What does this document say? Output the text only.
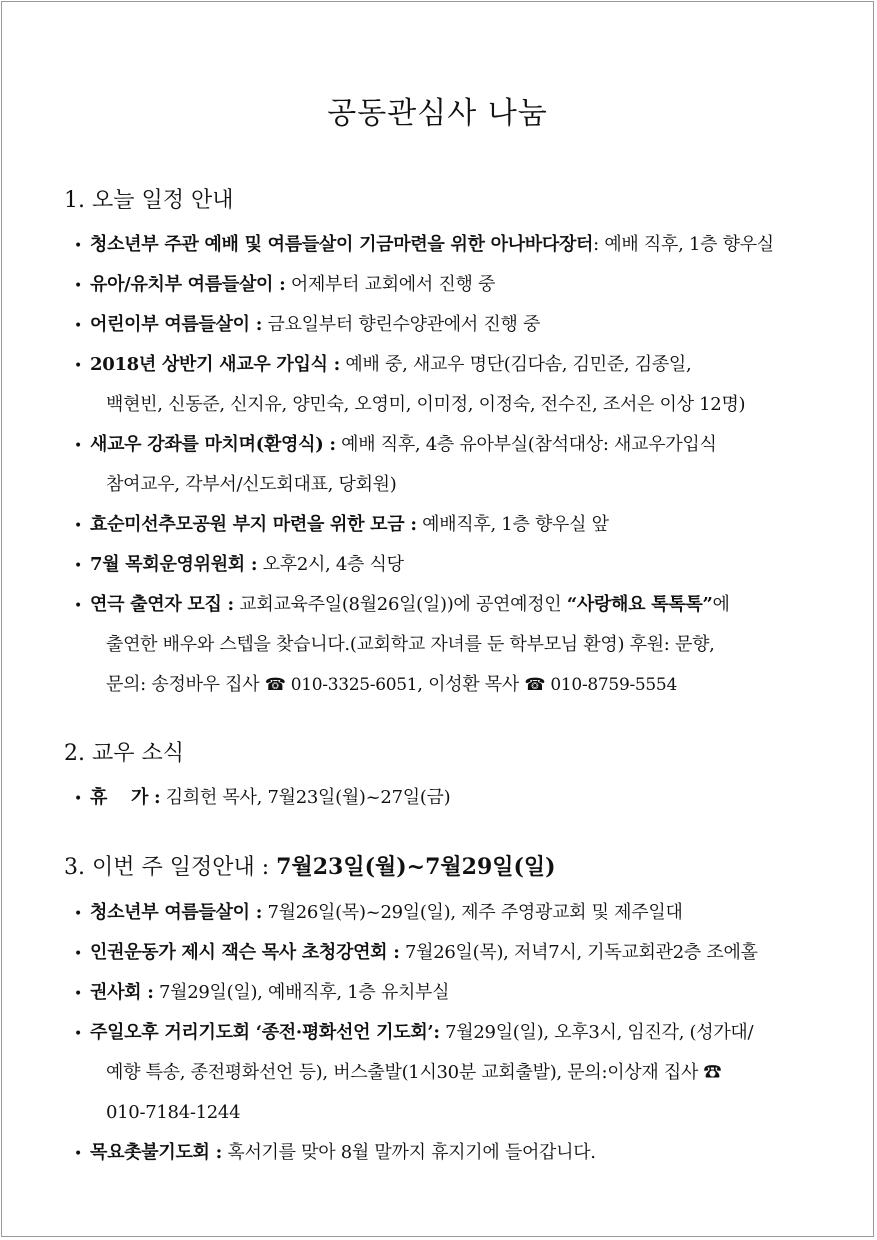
공동관심사 나눔
1. 오늘 일정 안내
• 청소년부 주관 예배 및 여름들살이 기금마련을 위한 아나바다장터: 예배 직후, 1층 향우실
• 유아/유치부 여름들살이 : 어제부터 교회에서 진행 중
• 어린이부 여름들살이 : 금요일부터 향린수양관에서 진행 중
• 2018년 상반기 새교우 가입식 : 예배 중, 새교우 명단(김다솜, 김민준, 김종일,
백현빈, 신동준, 신지유, 양민숙, 오영미, 이미정, 이정숙, 전수진, 조서은 이상 12명)
• 새교우 강좌를 마치며(환영식) : 예배 직후, 4층 유아부실(참석대상: 새교우가입식
참여교우, 각부서/신도회대표, 당회원)
• 효순미선추모공원 부지 마련을 위한 모금 : 예배직후, 1층 향우실 앞
• 7월 목회운영위원회 : 오후2시, 4층 식당
• 연극 출연자 모집 : 교회교육주일(8월26일(일))에 공연예정인 “사랑해요 톡톡톡”에
출연한 배우와 스텝을 찾습니다.(교회학교 자녀를 둔 학부모님 환영) 후원: 문향,
문의: 송정바우 집사 ☎ 010-3325-6051, 이성환 목사 ☎ 010-8759-5554
2. 교우 소식
• 휴    가 : 김희헌 목사, 7월23일(월)~27일(금)
3. 이번 주 일정안내 : 7월23일(월)~7월29일(일)
• 청소년부 여름들살이 : 7월26일(목)~29일(일), 제주 주영광교회 및 제주일대
• 인권운동가 제시 잭슨 목사 초청강연회 : 7월26일(목), 저녁7시, 기독교회관2층 조에홀
• 권사회 : 7월29일(일), 예배직후, 1층 유치부실
• 주일오후 거리기도회 ‘종전·평화선언 기도회’: 7월29일(일), 오후3시, 임진각, (성가대/
예향 특송, 종전평화선언 등), 버스출발(1시30분 교회출발), 문의:이상재 집사 ☎
010-7184-1244
• 목요촛불기도회 : 혹서기를 맞아 8월 말까지 휴지기에 들어갑니다.
